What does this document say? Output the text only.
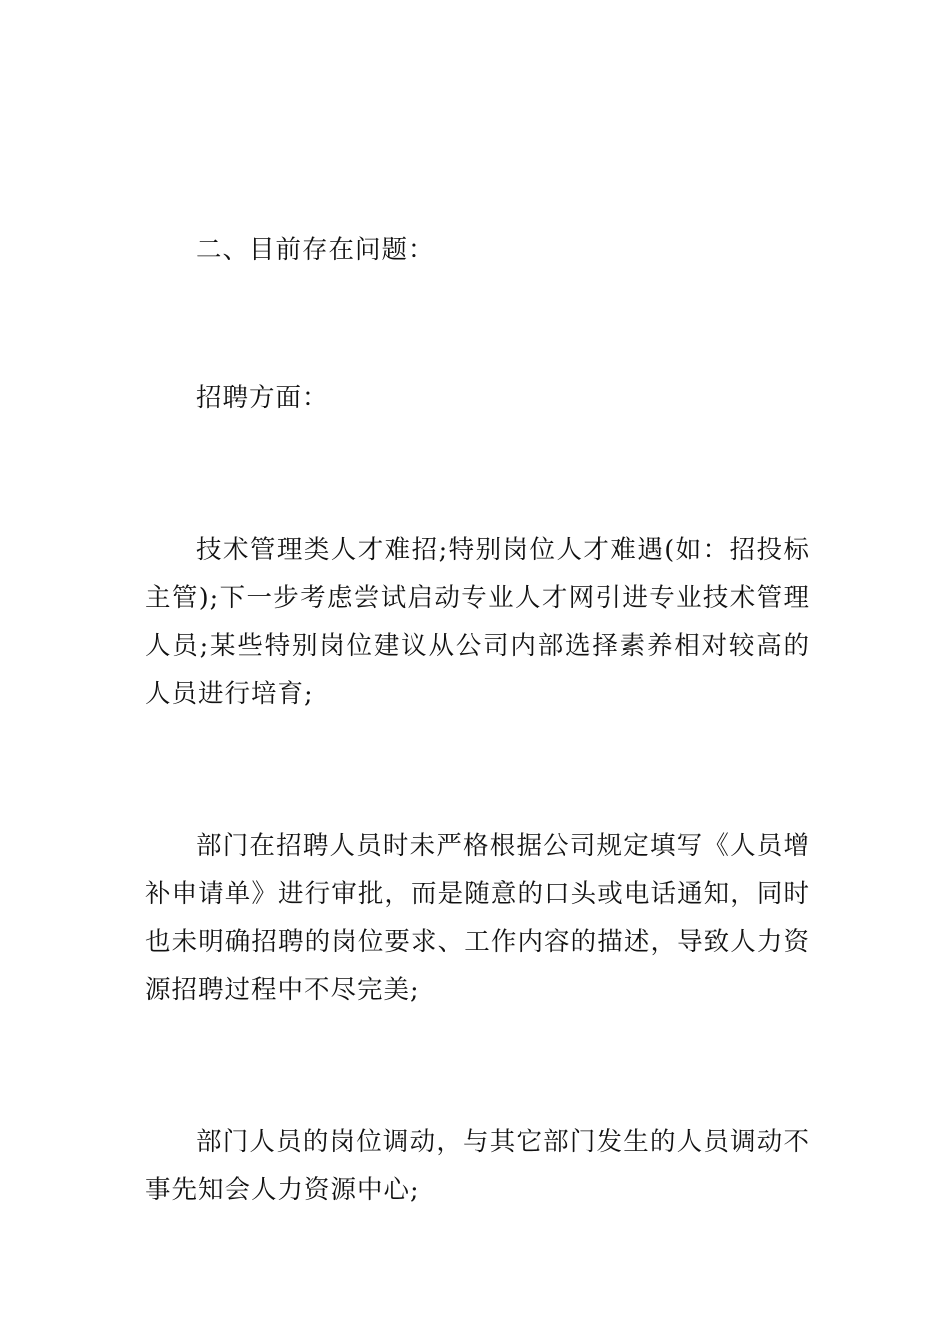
二、目前存在问题：

招聘方面：

技术管理类人才难招;特别岗位人才难遇(如：招投标主管);下一步考虑尝试启动专业人才网引进专业技术管理人员;某些特别岗位建议从公司内部选择素养相对较高的人员进行培育;

部门在招聘人员时未严格根据公司规定填写《人员增补申请单》进行审批，而是随意的口头或电话通知，同时也未明确招聘的岗位要求、工作内容的描述，导致人力资源招聘过程中不尽完美;

部门人员的岗位调动，与其它部门发生的人员调动不事先知会人力资源中心;
